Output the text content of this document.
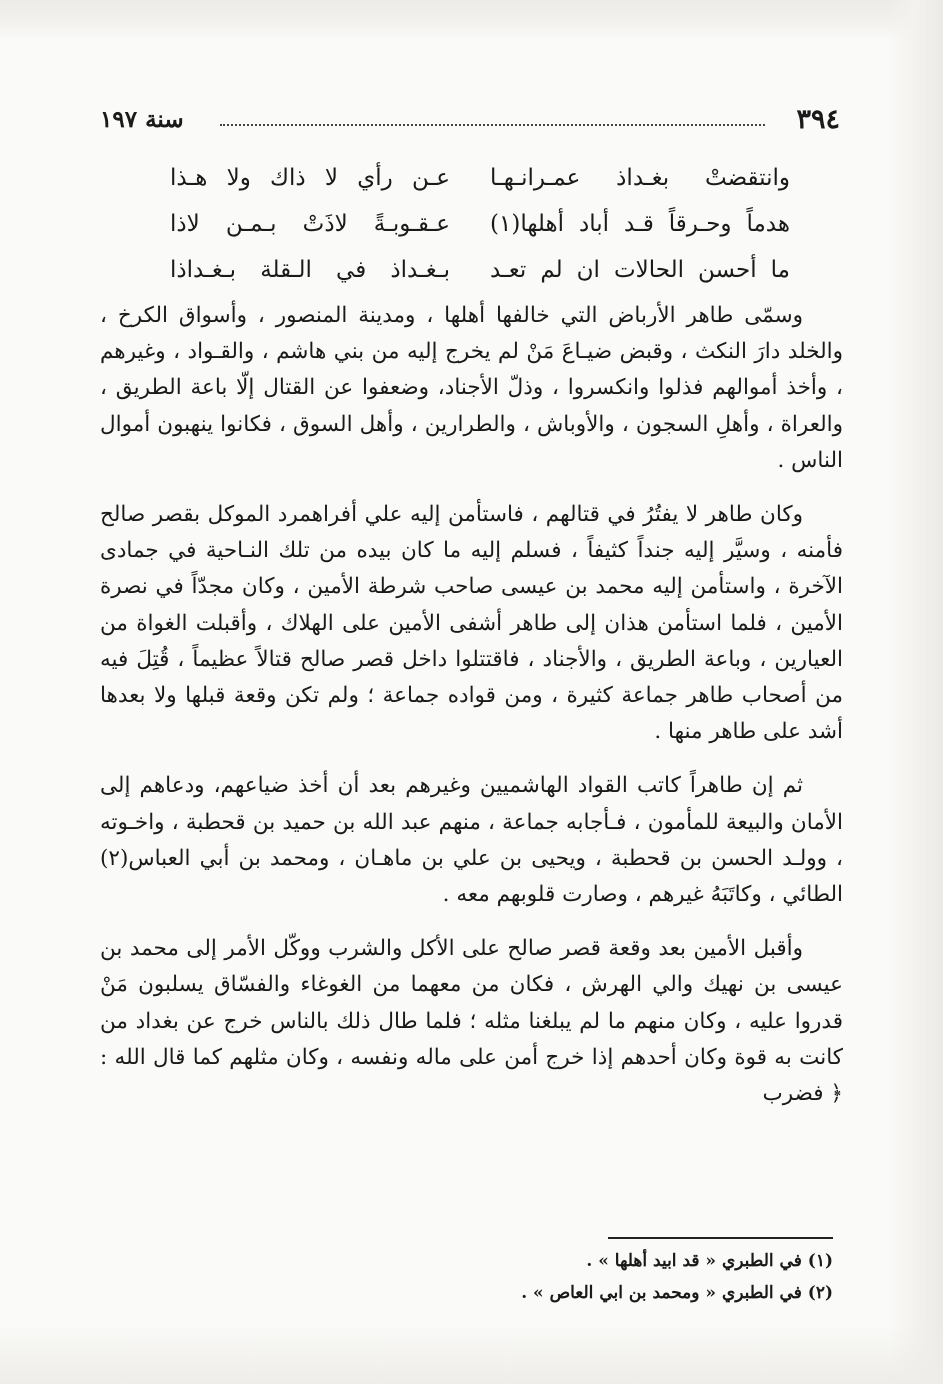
٣٩٤
سنة ١٩٧
وانتقضتْ بغـداذ عمـرانـهـا
عـن رأي لا ذاك ولا هـذا
هدماً وحـرقاً قـد أباد أهلها(١)
عـقـوبـةً لاذَتْ بـمـن لاذا
ما أحسن الحالات ان لم تعـد
بـغـداذ في الـقلة بـغـداذا

وسمّى طاهر الأرباض التي خالفها أهلها ، ومدينة المنصور ، وأسواق الكرخ ، والخلد دارَ النكث ، وقبض ضيـاعَ مَنْ لم يخرج إليه من بني هاشم ، والقـواد ، وغيرهم ، وأخذ أموالهم فذلوا وانكسروا ، وذلّ الأجناد، وضعفوا عن القتال إلّا باعة الطريق ، والعراة ، وأهلِ السجون ، والأوباش ، والطرارين ، وأهل السوق ، فكانوا ينهبون أموال الناس .

وكان طاهر لا يفتُرُ في قتالهم ، فاستأمن إليه علي أفراهمرد الموكل بقصر صالح فأمنه ، وسيَّر إليه جنداً كثيفاً ، فسلم إليه ما كان بيده من تلك النـاحية في جمادى الآخرة ، واستأمن إليه محمد بن عيسى صاحب شرطة الأمين ، وكان مجدّاً في نصرة الأمين ، فلما استأمن هذان إلى طاهر أشفى الأمين على الهلاك ، وأقبلت الغواة من العيارين ، وباعة الطريق ، والأجناد ، فاقتتلوا داخل قصر صالح قتالاً عظيماً ، قُتِلَ فيه من أصحاب طاهر جماعة كثيرة ، ومن قواده جماعة ؛ ولم تكن وقعة قبلها ولا بعدها أشد على طاهر منها .

ثم إن طاهراً كاتب القواد الهاشميين وغيرهم بعد أن أخذ ضياعهم، ودعاهم إلى الأمان والبيعة للمأمون ، فـأجابه جماعة ، منهم عبد الله بن حميد بن قحطبة ، واخـوته ، وولـد الحسن بن قحطبة ، ويحيى بن علي بن ماهـان ، ومحمد بن أبي العباس(٢) الطائي ، وكاتَبَهُ غيرهم ، وصارت قلوبهم معه .

وأقبل الأمين بعد وقعة قصر صالح على الأكل والشرب ووكّل الأمر إلى محمد بن عيسى بن نهيك والي الهرش ، فكان من معهما من الغوغاء والفسّاق يسلبون مَنْ قدروا عليه ، وكان منهم ما لم يبلغنا مثله ؛ فلما طال ذلك بالناس خرج عن بغداد من كانت به قوة وكان أحدهم إذا خرج أمن على ماله ونفسه ، وكان مثلهم كما قال الله : ﴿ فضرب

(١) في الطبري « قد ابيد أهلها » .
(٢) في الطبري « ومحمد بن ابي العاص » .
